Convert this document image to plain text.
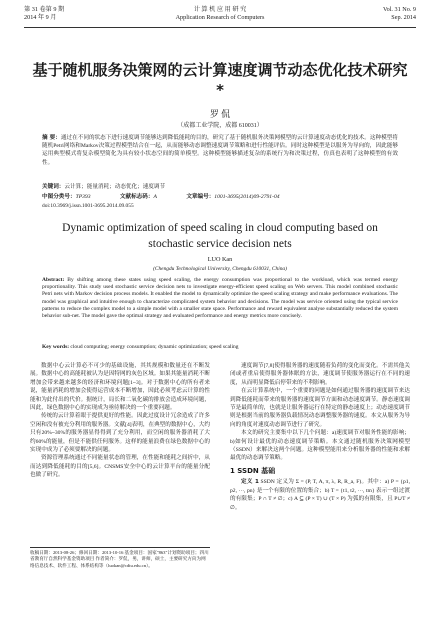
第 31 卷第 9 期
2014 年 9 月
计 算 机 应 用 研 究
Application Research of Computers
Vol. 31 No. 9
Sep. 2014
基于随机服务决策网的云计算速度调节动态优化技术研究*
罗 侃
（成都工业学院，成都 610031）
摘 要：通过在不同的状态下进行速度调节能够达到降低能耗的目的，研究了基于随机服务决策网模型的云计算速度动态优化的技术。这种模型将随机Petri网络和Markov决策过程模型结合在一起，从而能够动态调整速度调节策略和进行性能评估。同时这种模型是以服务为导向的，因此能够运用典型模式将复杂模型简化为具有较小状态空间的简单模型。这种模型能够描述复杂的系统行为和决策过程，仿真也表明了这种模型的有效性。
关键词：云计算；能量消耗；动态优化；速度调节
中图分类号：TP393	文献标志码：A	文章编号：1001-3695(2014)09-2791-04
doi:10.3969/j.issn.1001-3695.2014.09.055
Dynamic optimization of speed scaling in cloud computing based on stochastic service decision nets
LUO Kan
(Chengdu Technological University, Chengdu 610031, China)
Abstract: By shifting among these states using speed scaling, the energy consumption was proportional to the workload, which was termed energy proportionality. This study used stochastic service decision nets to investigate energy-efficient speed scaling on Web servers. This model combined stochastic Petri nets with Markov decision process models. It enabled the model to dynamically optimize the speed scaling strategy and make performance evaluations. The model was graphical and intuitive enough to characterize complicated system behavior and decisions. The model was service oriented using the typical service patterns to reduce the complex model to a simple model with a smaller state space. Performance and reward equivalent analyse substantially reduced the system behavior sub-net. The model gave the optimal strategy and evaluated performance and energy metrics more concisely.
Key words: cloud computing; energy consumption; dynamic optimization; speed scaling

数据中心云计算必不可少的基础设施，其其规模和数量还在不断发展。数据中心的高能耗被认为是因特网的灰色区域。如果其能量消耗不断增加会带来越来越多的经济和环境问题[1~3]。对于数据中心的所有者来说，能量消耗的增加会使得运营成本不断增加，因此必须考虑云计算的性能和为此付出的代价。据统计，局长和二氧化碳的排放会造成环境问题，因此，绿色数据中心的实现成为亟待解决的一个重要问题。

传统的云计算着眼于提供更好的性能。因此过度设计冗余造成了许多空闲和没有被充分利用的服务器。文献[4]表明，在典型的数据中心，大约只有20%~30%的服务器显得得到了充分利用，而空闲的服务器消耗了大约60%的能量，但是不能供任何服务。这样的能量浪费在绿色数据中心的实现中成为了必须要解决的问题。

资源管理系统通过不同能量状态的管理，在性能和能耗之间折中，从而达到降低能耗的目的[5,6]。CNSMS安全中心的云计算平台的能量分配也做了研究。

速度调节[7,8]使得服务器的速度随着负荷的变化而变化。不需其他关闭或者重启使得服务器体眠的方法，速度调节使服务器运行在不同的速度，从而明显降低启停带来的不利影响。

在云计算系统中，一个重要的问题是如何通过服务器的速度调节来达到降低能耗而带来的服务器的速度调节方面和动态速度调节。静态速度调节是最简单的，也就是让服务器运行在特定的静态速度上；动态速度调节则是根据当前的服务器负载情况动态调整服务器的速度。本文从服务为导向的角度对速度动态调节进行了研究。

本文的研究主要集中以下几个问题：a)速度调节对服务性能的影响；b)如何设计最优的动态速度调节策略。本文通过随机服务决策网模型（SSDN）来解决这两个问题。这种模型能用来分析服务器的性能和求解最优的动态调节策略。

1 SSDN 基础

定义 1 SSDN 定义为 Σ = (P, T, A, π, λ, R, R_a, F)。其中：a) P = {p1, p2, ···, pn} 是一个有限的位置的集合；b) T = {t1, t2, ···, tm} 表示一组过渡的有限集；P ∩ T ≠ ∅；c) A ⊆ (P × T) ∪ (T × P) 为弧的有限集，且 P∪T ≠ ∅。

收稿日期：2013-08-26；修回日期：2013-10-16 基金项目：国家"863"计划资助项目；四川省教育厅自然科学基金资助项目 作者简介：罗侃，男，讲师，硕士，主要研究方向为网络信息技术、软件工程、体系结构等（luokan@cdtu.edu.cn）。
